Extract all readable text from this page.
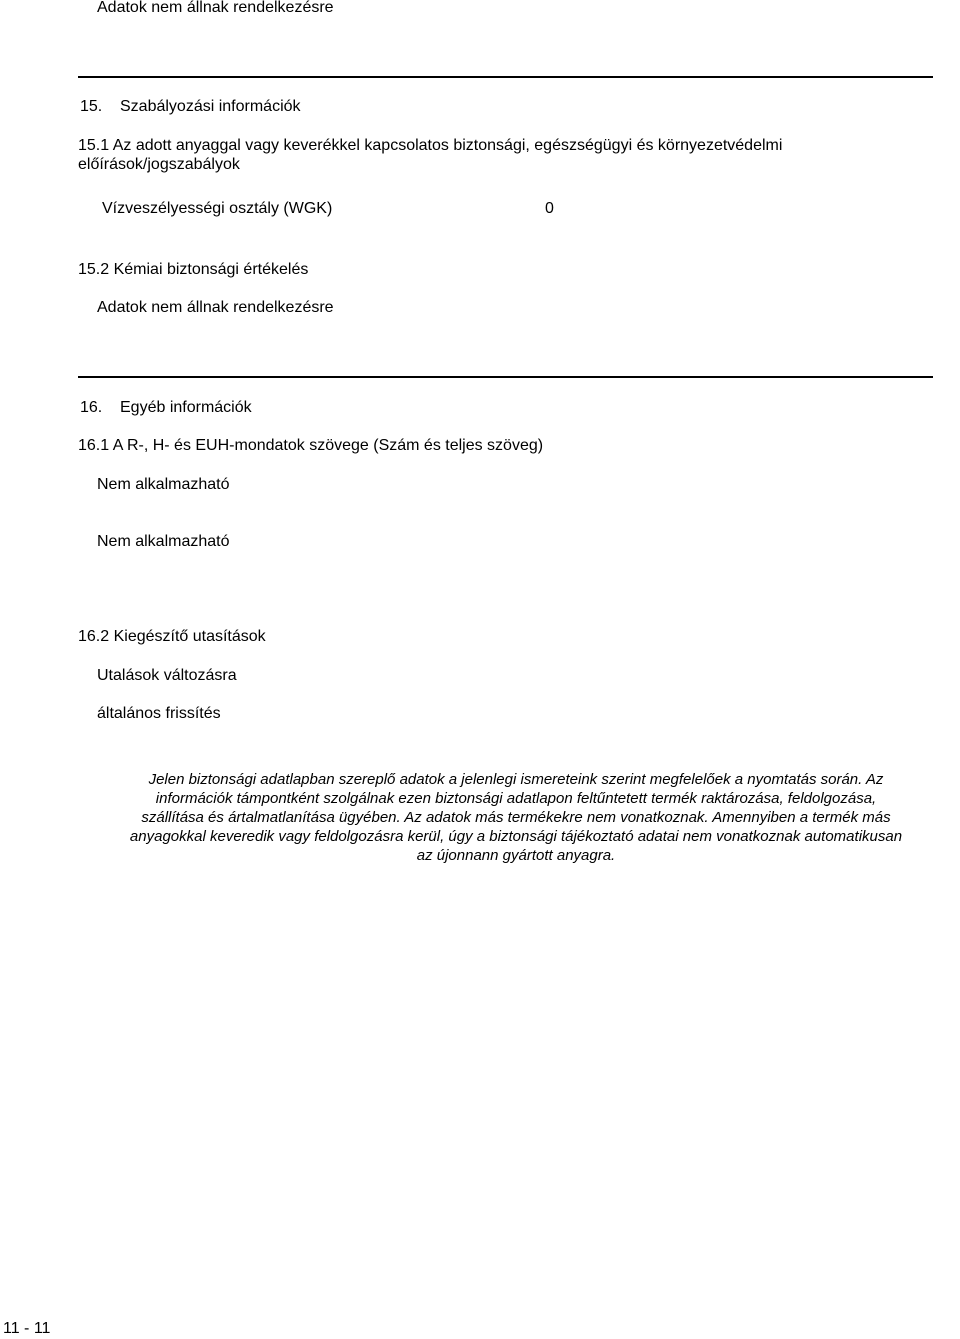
Adatok nem állnak rendelkezésre
15. Szabályozási információk
15.1 Az adott anyaggal vagy keverékkel kapcsolatos biztonsági, egészségügyi és környezetvédelmi
előírások/jogszabályok
Vízveszélyességi osztály (WGK)	0
15.2 Kémiai biztonsági értékelés
Adatok nem állnak rendelkezésre
16. Egyéb információk
16.1 A R-, H- és EUH-mondatok szövege (Szám és teljes szöveg)
Nem alkalmazható
Nem alkalmazható
16.2 Kiegészítő utasítások
Utalások változásra
általános frissítés
Jelen biztonsági adatlapban szereplő adatok a jelenlegi ismereteink szerint megfelelőek a nyomtatás során. Az
információk támpontként szolgálnak ezen biztonsági adatlapon feltűntetett termék raktározása, feldolgozása,
szállítása és ártalmatlanítása ügyében. Az adatok más termékekre nem vonatkoznak. Amennyiben a termék más
anyagokkal keveredik vagy feldolgozásra kerül, úgy a biztonsági tájékoztató adatai nem vonatkoznak automatikusan
az újonnann gyártott anyagra.
11 - 11
